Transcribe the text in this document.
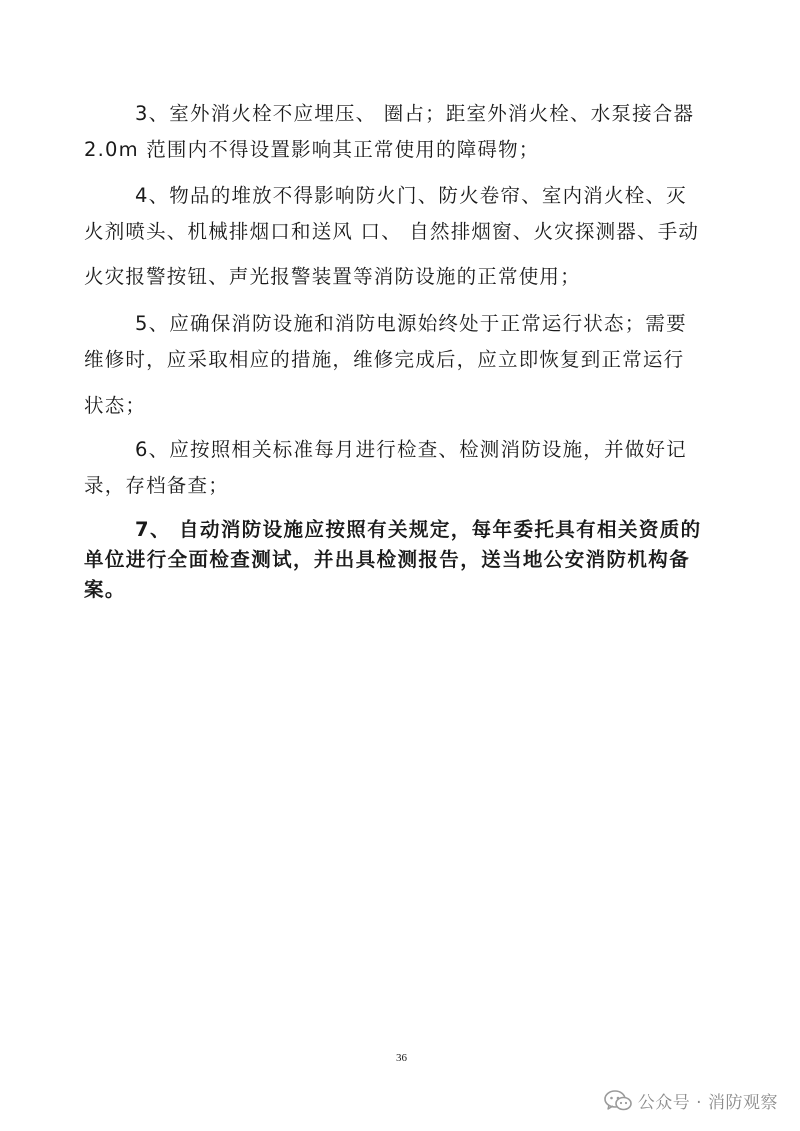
3、室外消火栓不应埋压、 圈占；距室外消火栓、水泵接合器
2.0m 范围内不得设置影响其正常使用的障碍物；
4、物品的堆放不得影响防火门、防火卷帘、室内消火栓、灭
火剂喷头、机械排烟口和送风 口、 自然排烟窗、火灾探测器、手动
火灾报警按钮、声光报警装置等消防设施的正常使用；
5、应确保消防设施和消防电源始终处于正常运行状态；需要
维修时，应采取相应的措施，维修完成后，应立即恢复到正常运行
状态；
6、应按照相关标准每月进行检查、检测消防设施，并做好记
录，存档备查；
7、 自动消防设施应按照有关规定，每年委托具有相关资质的
单位进行全面检查测试，并出具检测报告，送当地公安消防机构备
案。
36
公众号 · 消防观察
